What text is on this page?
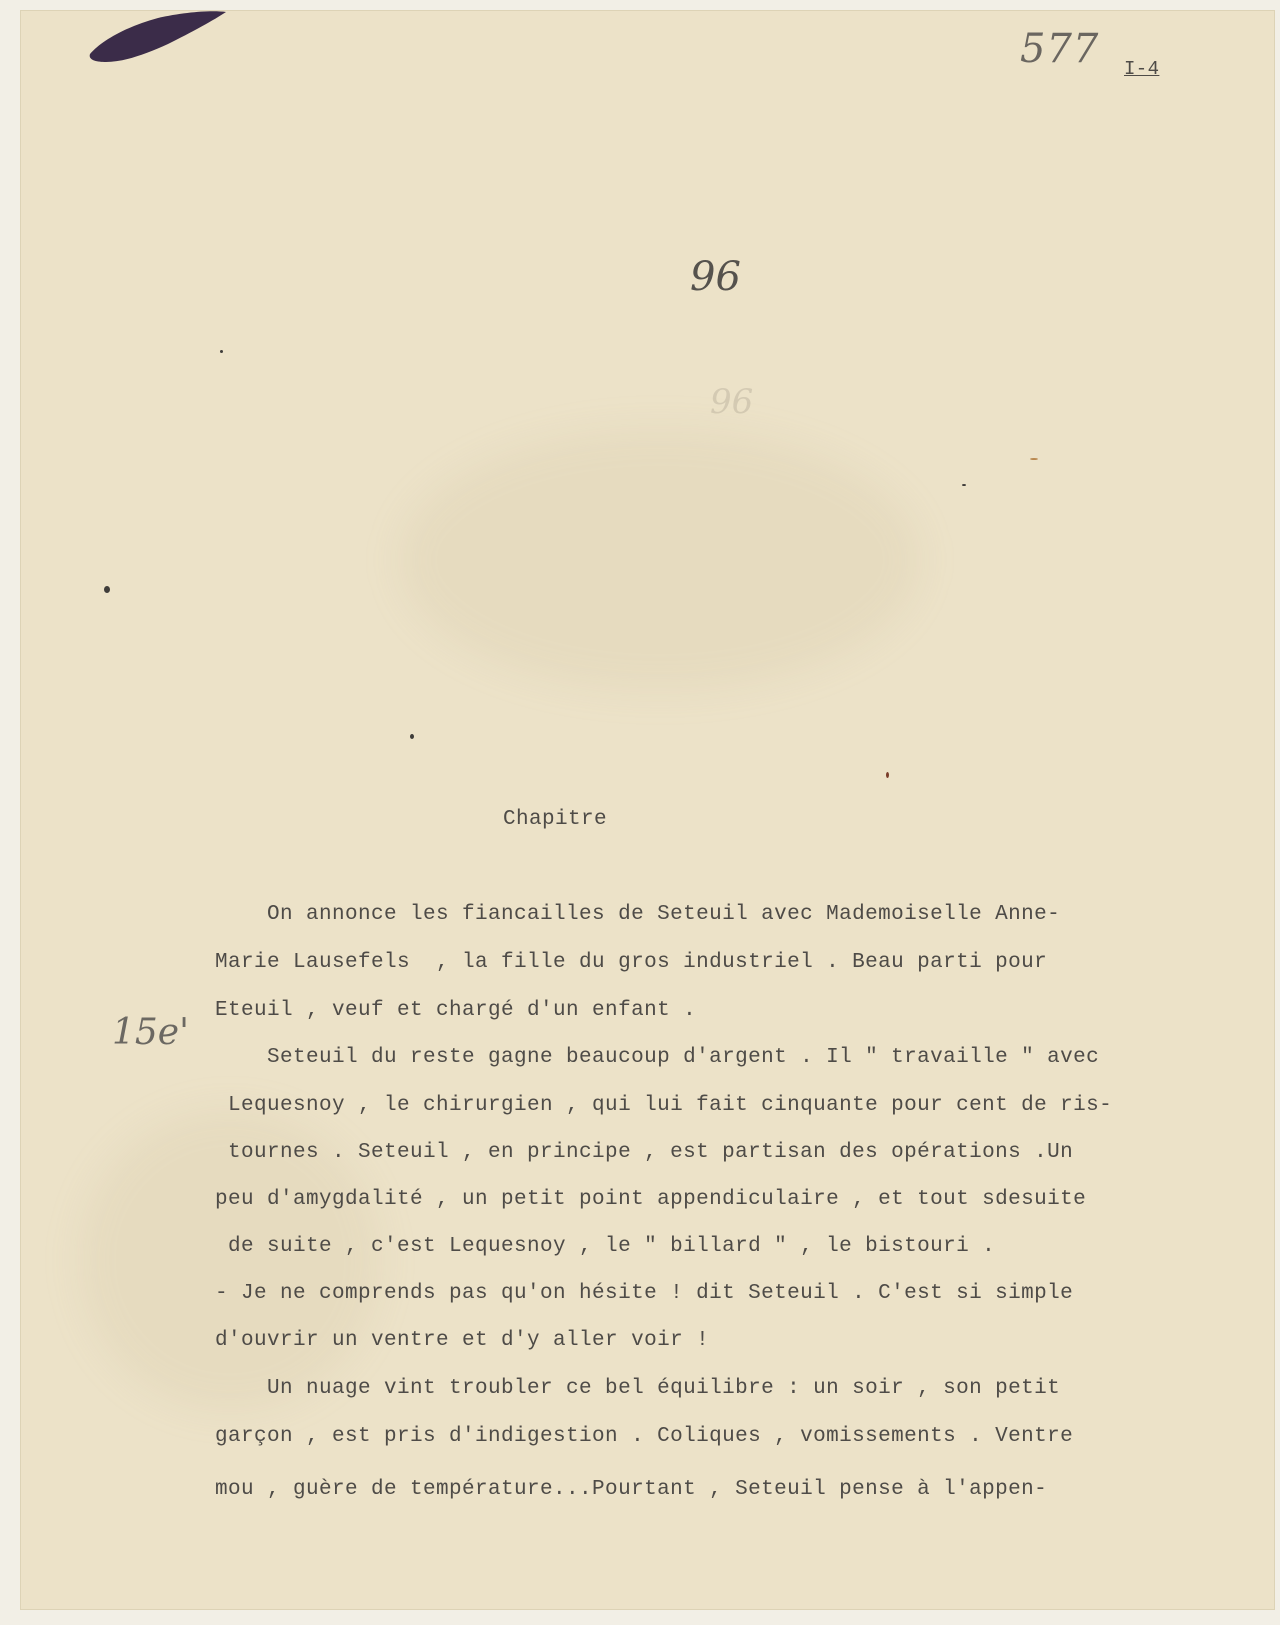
577 I-4
96
96
Chapitre
15e'
On annonce les fiancailles de Seteuil avec Mademoiselle Anne-
Marie Lausefels  , la fille du gros industriel . Beau parti pour
Eteuil , veuf et chargé d'un enfant .
Seteuil du reste gagne beaucoup d'argent . Il " travaille " avec
Lequesnoy , le chirurgien , qui lui fait cinquante pour cent de ris-
tournes . Seteuil , en principe , est partisan des opérations .Un
peu d'amygdalité , un petit point appendiculaire , et tout sdesuite
de suite , c'est Lequesnoy , le " billard " , le bistouri .
- Je ne comprends pas qu'on hésite ! dit Seteuil . C'est si simple
d'ouvrir un ventre et d'y aller voir !
Un nuage vint troubler ce bel équilibre : un soir , son petit
garçon , est pris d'indigestion . Coliques , vomissements . Ventre
mou , guère de température...Pourtant , Seteuil pense à l'appen-
